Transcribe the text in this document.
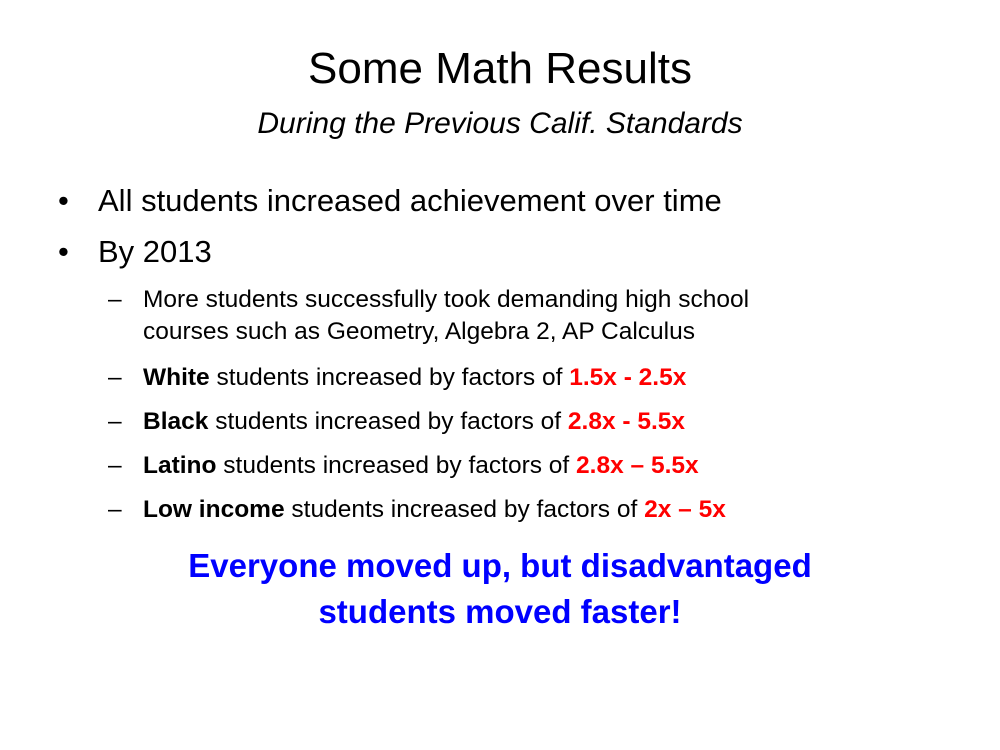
Some Math Results
During the Previous Calif. Standards
• All students increased achievement over time
• By 2013
– More students successfully took demanding high school
courses such as Geometry, Algebra 2, AP Calculus
– White students increased by factors of 1.5x - 2.5x
– Black students increased by factors of 2.8x - 5.5x
– Latino students increased by factors of 2.8x – 5.5x
– Low income students increased by factors of 2x – 5x
Everyone moved up, but disadvantaged
students moved faster!
